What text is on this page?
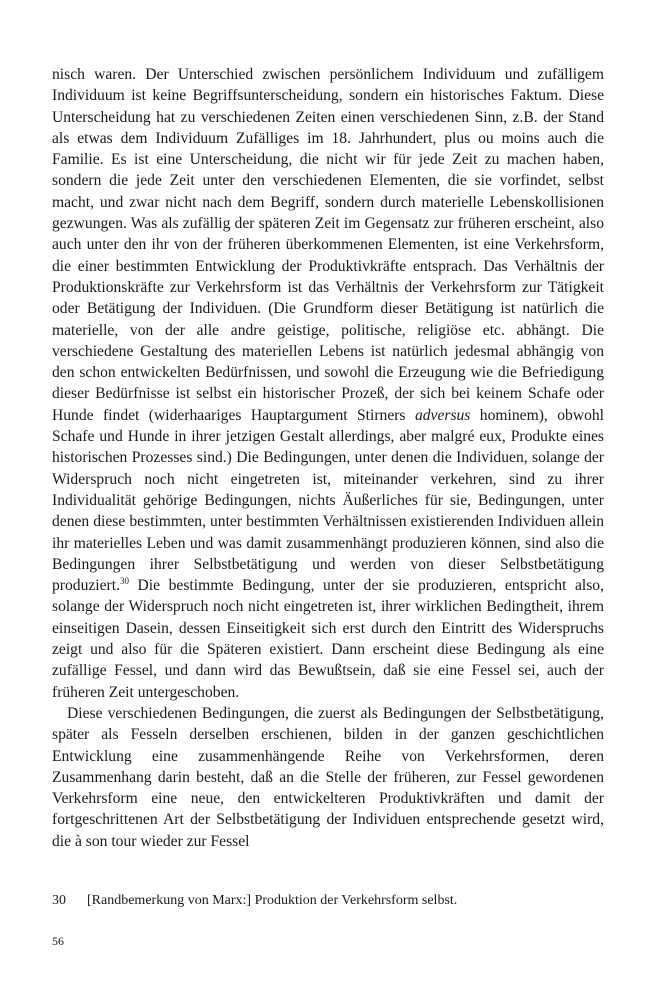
nisch waren. Der Unterschied zwischen persönlichem Individuum und zufälligem Individuum ist keine Begriffsunterscheidung, sondern ein historisches Faktum. Diese Unterscheidung hat zu verschiedenen Zeiten einen verschiedenen Sinn, z.B. der Stand als etwas dem Individuum Zufälliges im 18. Jahrhundert, plus ou moins auch die Familie. Es ist eine Unterscheidung, die nicht wir für jede Zeit zu machen haben, sondern die jede Zeit unter den verschiedenen Elementen, die sie vorfindet, selbst macht, und zwar nicht nach dem Begriff, sondern durch materielle Lebenskollisionen gezwungen. Was als zufällig der späteren Zeit im Gegensatz zur früheren erscheint, also auch unter den ihr von der früheren überkommenen Elementen, ist eine Verkehrsform, die einer bestimmten Entwicklung der Produktivkräfte entsprach. Das Verhältnis der Produktionskräfte zur Verkehrsform ist das Verhältnis der Verkehrsform zur Tätigkeit oder Betätigung der Individuen. (Die Grundform dieser Betätigung ist natürlich die materielle, von der alle andre geistige, politische, religiöse etc. abhängt. Die verschiedene Gestaltung des materiellen Lebens ist natürlich jedesmal abhängig von den schon entwickelten Bedürfnissen, und sowohl die Erzeugung wie die Befriedigung dieser Bedürfnisse ist selbst ein historischer Prozeß, der sich bei keinem Schafe oder Hunde findet (widerhaariges Hauptargument Stirners adversus hominem), obwohl Schafe und Hunde in ihrer jetzigen Gestalt allerdings, aber malgré eux, Produkte eines historischen Prozesses sind.) Die Bedingungen, unter denen die Individuen, solange der Widerspruch noch nicht eingetreten ist, miteinander verkehren, sind zu ihrer Individualität gehörige Bedingungen, nichts Äußerliches für sie, Bedingungen, unter denen diese bestimmten, unter bestimmten Verhältnissen existierenden Individuen allein ihr materielles Leben und was damit zusammenhängt produzieren können, sind also die Bedingungen ihrer Selbstbetätigung und werden von dieser Selbstbetätigung produziert.$^{30}$ Die bestimmte Bedingung, unter der sie produzieren, entspricht also, solange der Widerspruch noch nicht eingetreten ist, ihrer wirklichen Bedingtheit, ihrem einseitigen Dasein, dessen Einseitigkeit sich erst durch den Eintritt des Widerspruchs zeigt und also für die Späteren existiert. Dann erscheint diese Bedingung als eine zufällige Fessel, und dann wird das Bewußtsein, daß sie eine Fessel sei, auch der früheren Zeit untergeschoben.

Diese verschiedenen Bedingungen, die zuerst als Bedingungen der Selbstbetätigung, später als Fesseln derselben erschienen, bilden in der ganzen geschichtlichen Entwicklung eine zusammenhängende Reihe von Verkehrsformen, deren Zusammenhang darin besteht, daß an die Stelle der früheren, zur Fessel gewordenen Verkehrsform eine neue, den entwickelteren Produktivkräften und damit der fortgeschrittenen Art der Selbstbetätigung der Individuen entsprechende gesetzt wird, die à son tour wieder zur Fessel

30	[Randbemerkung von Marx:] Produktion der Verkehrsform selbst.
56
